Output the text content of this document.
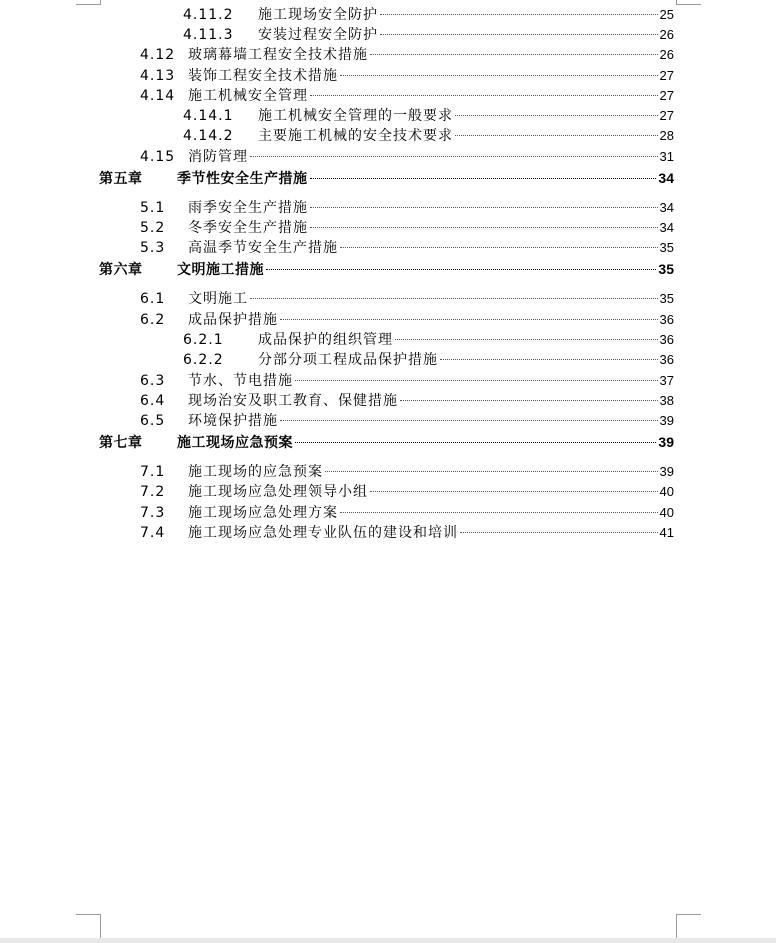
4.11.2	施工现场安全防护	25
4.11.3	安装过程安全防护	26
4.12 玻璃幕墙工程安全技术措施	26
4.13 装饰工程安全技术措施	27
4.14 施工机械安全管理	27
4.14.1	施工机械安全管理的一般要求	27
4.14.2	主要施工机械的安全技术要求	28
4.15 消防管理	31
第五章	季节性安全生产措施	34
5.1	雨季安全生产措施	34
5.2	冬季安全生产措施	34
5.3	高温季节安全生产措施	35
第六章	文明施工措施	35
6.1	文明施工	35
6.2	成品保护措施	36
6.2.1	成品保护的组织管理	36
6.2.2	分部分项工程成品保护措施	36
6.3	节水、节电措施	37
6.4	现场治安及职工教育、保健措施	38
6.5	环境保护措施	39
第七章	施工现场应急预案	39
7.1	施工现场的应急预案	39
7.2	施工现场应急处理领导小组	40
7.3	施工现场应急处理方案	40
7.4	施工现场应急处理专业队伍的建设和培训	41
